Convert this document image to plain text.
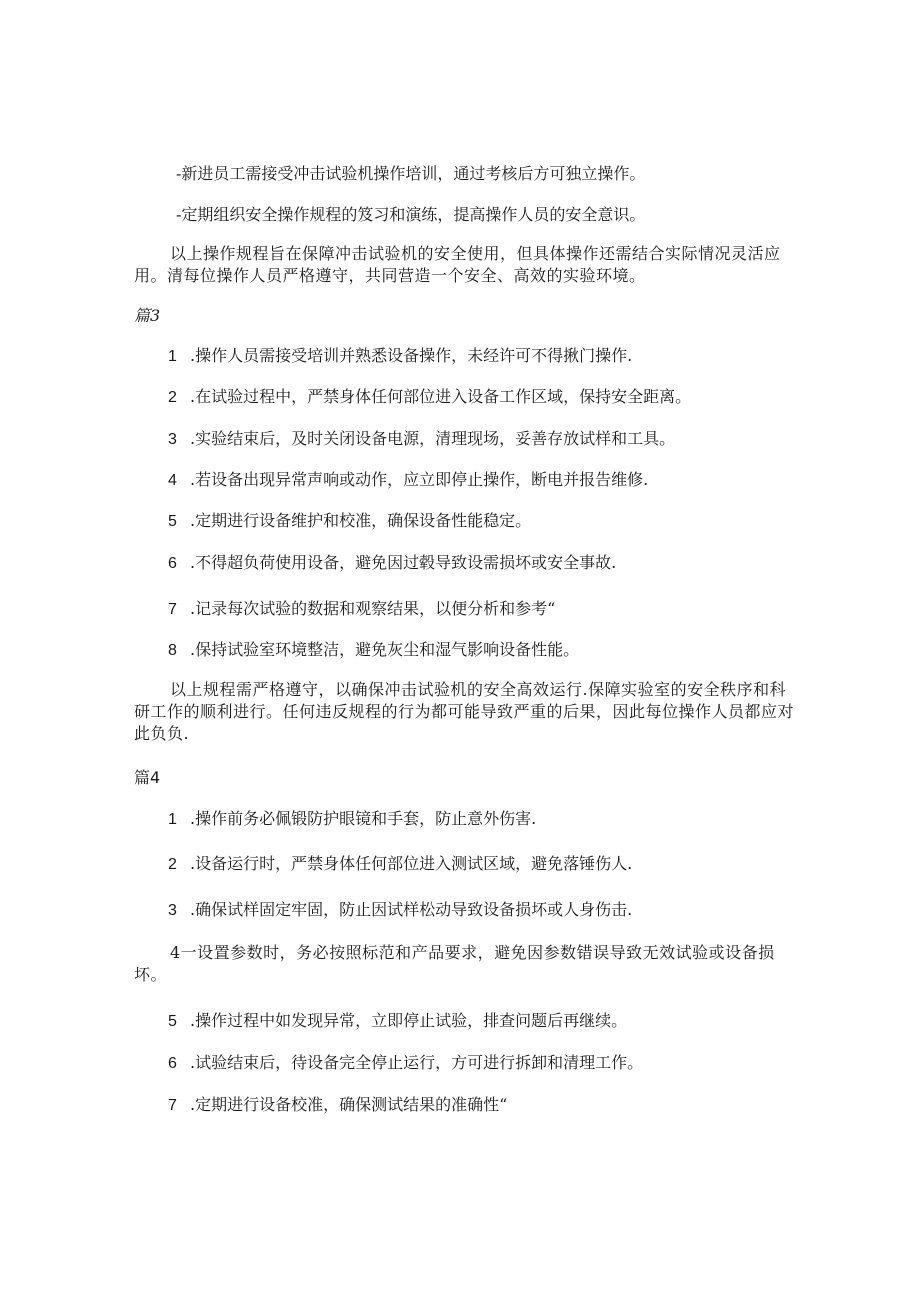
-新进员工需接受冲击试验机操作培训，通过考核后方可独立操作。

-定期组织安全操作规程的笈习和演练，提高操作人员的安全意识。

以上操作规程旨在保障冲击试验机的安全使用，但具体操作还需结合实际情况灵活应用。清每位操作人员严格遵守，共同营造一个安全、高效的实验环境。

篇3

1 .操作人员需接受培训并熟悉设备操作，未经许可不得揪门操作.

2 .在试验过程中，严禁身体任何部位进入设备工作区域，保持安全距离。

3 .实验结束后，及时关闭设备电源，清理现场，妥善存放试样和工具。

4 .若设备出现异常声响或动作，应立即停止操作，断电并报告维修.

5 .定期进行设备维护和校准，确保设备性能稳定。

6 .不得超负荷使用设备，避免因过毂导致设需损坏或安全事故.

7 .记录每次试验的数据和观察结果，以便分析和参考“

8 .保持试验室环境整洁，避免灰尘和湿气影响设备性能。

以上规程需严格遵守，以确保冲击试验机的安全高效运行.保障实验室的安全秩序和科研工作的顺利进行。任何违反规程的行为都可能导致严重的后果，因此每位操作人员都应对此负负.

篇4

1 .操作前务必佩锻防护眼镜和手套，防止意外伤害.

2 .设备运行时，严禁身体任何部位进入测试区域，避免落锤伤人.

3 .确保试样固定牢固，防止因试样松动导致设备损坏或人身伤击.

4一设置参数时，务必按照标范和产品要求，避免因参数错误导致无效试验或设备损坏。

5 .操作过程中如发现异常，立即停止试验，排查问题后再继续。

6 .试验结束后，待设备完全停止运行，方可进行拆卸和清理工作。

7 .定期进行设备校准，确保测试结果的准确性“
